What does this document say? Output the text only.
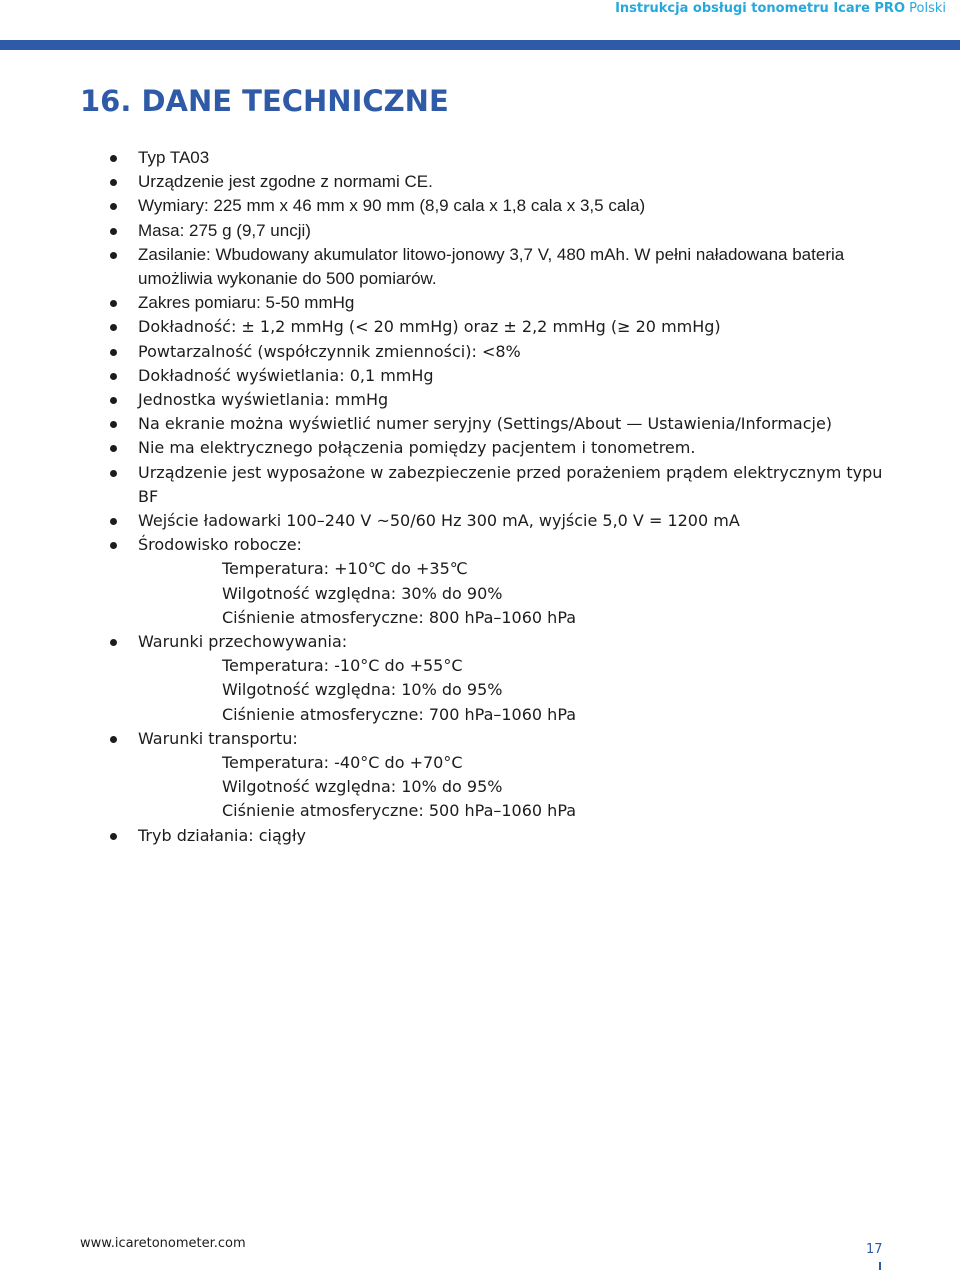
Instrukcja obsługi tonometru Icare PRO Polski
16. DANE TECHNICZNE
Typ TA03
Urządzenie jest zgodne z normami CE.
Wymiary: 225 mm x 46 mm x 90 mm (8,9 cala x 1,8 cala x 3,5 cala)
Masa: 275 g (9,7 uncji)
Zasilanie: Wbudowany akumulator litowo-jonowy 3,7 V, 480 mAh. W pełni naładowana bateria umożliwia wykonanie do 500 pomiarów.
Zakres pomiaru: 5-50 mmHg
Dokładność: ± 1,2 mmHg (< 20 mmHg) oraz ± 2,2 mmHg (≥ 20 mmHg)
Powtarzalność (współczynnik zmienności): <8%
Dokładność wyświetlania: 0,1 mmHg
Jednostka wyświetlania: mmHg
Na ekranie można wyświetlić numer seryjny (Settings/About — Ustawienia/Informacje)
Nie ma elektrycznego połączenia pomiędzy pacjentem i tonometrem.
Urządzenie jest wyposażone w zabezpieczenie przed porażeniem prądem elektrycznym typu BF
Wejście ładowarki 100–240 V ~50/60 Hz 300 mA, wyjście 5,0 V = 1200 mA
Środowisko robocze:
Temperatura: +10℃ do +35℃
Wilgotność względna: 30% do 90%
Ciśnienie atmosferyczne: 800 hPa–1060 hPa
Warunki przechowywania:
Temperatura: -10°C do +55°C
Wilgotność względna: 10% do 95%
Ciśnienie atmosferyczne: 700 hPa–1060 hPa
Warunki transportu:
Temperatura: -40°C do +70°C
Wilgotność względna: 10% do 95%
Ciśnienie atmosferyczne: 500 hPa–1060 hPa
Tryb działania: ciągły
www.icaretonometer.com	17
